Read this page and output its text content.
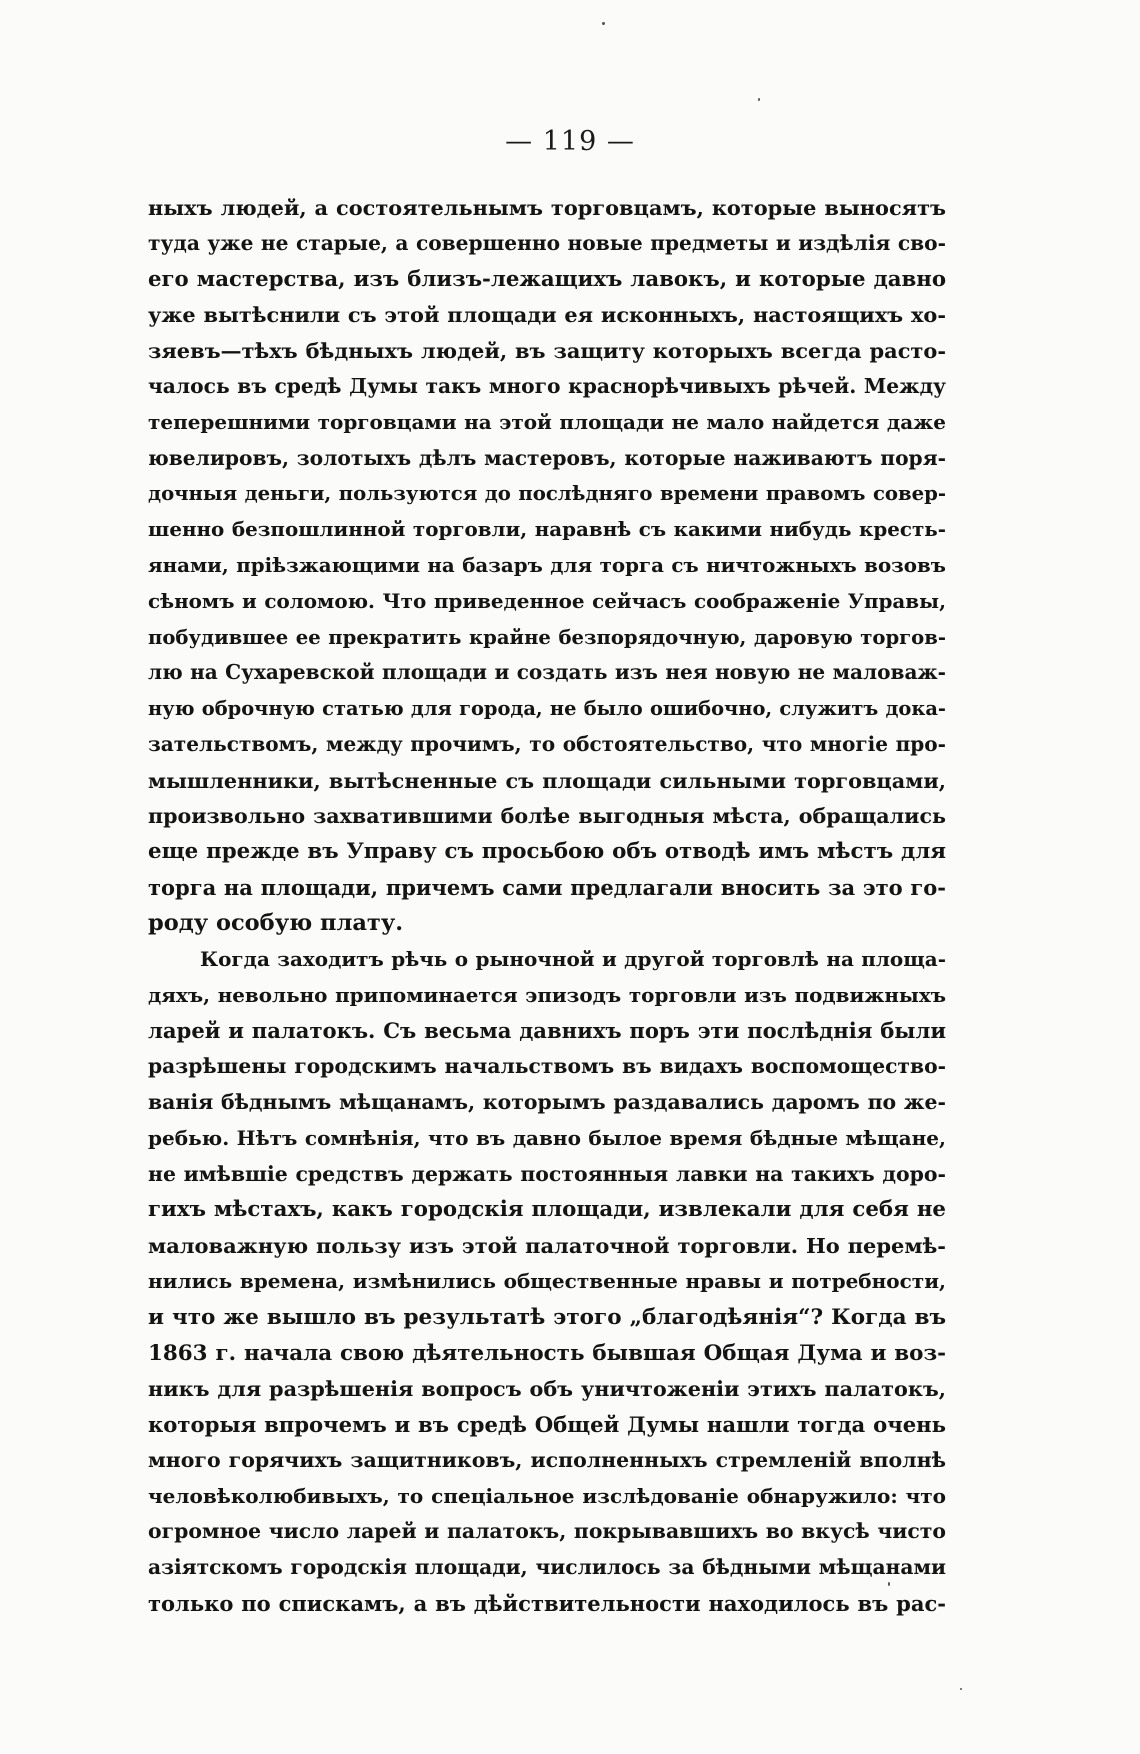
— 119 —
ныхъ людей, а состоятельнымъ торговцамъ, которые выносятъ
туда уже не старые, а совершенно новые предметы и издѣлія сво-
его мастерства, изъ близъ-лежащихъ лавокъ, и которые давно
уже вытѣснили съ этой площади ея исконныхъ, настоящихъ хо-
зяевъ—тѣхъ бѣдныхъ людей, въ защиту которыхъ всегда расто-
чалось въ средѣ Думы такъ много краснорѣчивыхъ рѣчей. Между
теперешними торговцами на этой площади не мало найдется даже
ювелировъ, золотыхъ дѣлъ мастеровъ, которые наживаютъ поря-
дочныя деньги, пользуются до послѣдняго времени правомъ совер-
шенно безпошлинной торговли, наравнѣ съ какими нибудь кресть-
янами, пріѣзжающими на базаръ для торга съ ничтожныхъ возовъ
сѣномъ и соломою. Что приведенное сейчасъ соображеніе Управы,
побудившее ее прекратить крайне безпорядочную, даровую торгов-
лю на Сухаревской площади и создать изъ нея новую не маловаж-
ную оброчную статью для города, не было ошибочно, служитъ дока-
зательствомъ, между прочимъ, то обстоятельство, что многіе про-
мышленники, вытѣсненные съ площади сильными торговцами,
произвольно захватившими болѣе выгодныя мѣста, обращались
еще прежде въ Управу съ просьбою объ отводѣ имъ мѣстъ для
торга на площади, причемъ сами предлагали вносить за это го-
роду особую плату.
Когда заходитъ рѣчь о рыночной и другой торговлѣ на площа-
дяхъ, невольно припоминается эпизодъ торговли изъ подвижныхъ
ларей и палатокъ. Съ весьма давнихъ поръ эти послѣднія были
разрѣшены городскимъ начальствомъ въ видахъ воспомощество-
ванія бѣднымъ мѣщанамъ, которымъ раздавались даромъ по же-
ребью. Нѣтъ сомнѣнія, что въ давно былое время бѣдные мѣщане,
не имѣвшіе средствъ держать постоянныя лавки на такихъ доро-
гихъ мѣстахъ, какъ городскія площади, извлекали для себя не
маловажную пользу изъ этой палаточной торговли. Но перемѣ-
нились времена, измѣнились общественные нравы и потребности,
и что же вышло въ результатѣ этого „благодѣянія“? Когда въ
1863 г. начала свою дѣятельность бывшая Общая Дума и воз-
никъ для разрѣшенія вопросъ объ уничтоженіи этихъ палатокъ,
которыя впрочемъ и въ средѣ Общей Думы нашли тогда очень
много горячихъ защитниковъ, исполненныхъ стремленій вполнѣ
человѣколюбивыхъ, то спеціальное изслѣдованіе обнаружило: что
огромное число ларей и палатокъ, покрывавшихъ во вкусѣ чисто
азіятскомъ городскія площади, числилось за бѣдными мѣщанами
только по спискамъ, а въ дѣйствительности находилось въ рас-
